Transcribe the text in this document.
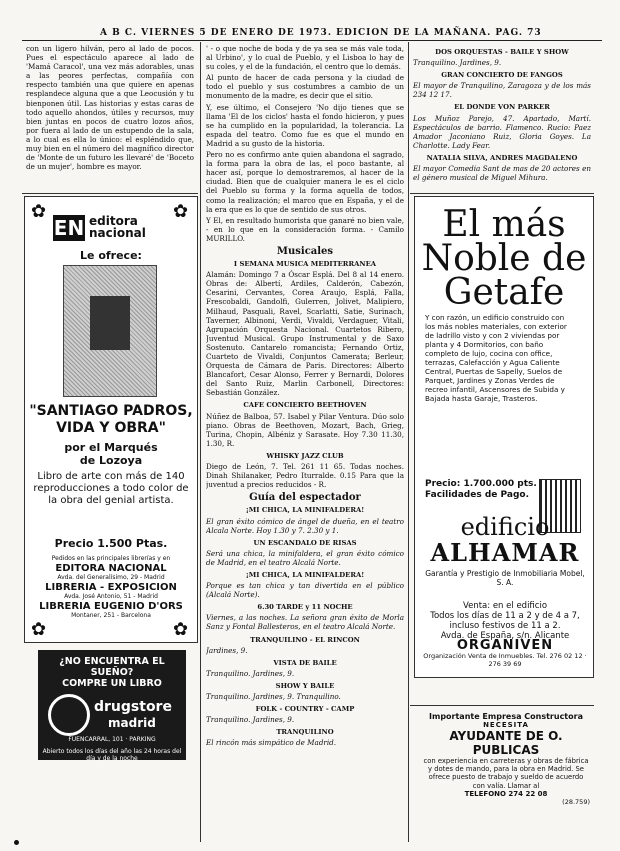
A B C. VIERNES 5 DE ENERO DE 1973. EDICION DE LA MAÑANA. PAG. 73

con un ligero hilván, pero al lado de pocos. Pues el espectáculo aparece al lado de 'Mamá Caracol', una vez más adorables, unas a las peores perfectas, compañía con respecto también una que quiere en apenas resplandece alguna que a que Leocusión y tu bienponen útil. Las historias y estas caras de todo aquello ahondos, útiles y recursos, muy bien juntas en pocos de cuatro lozos años, por fuera al lado de un estupendo de la sala, a lo cual es ella lo único: el espléndido que, muy bien en el número del magnífico director de 'Monte de un futuro les llevaré' de 'Boceto de un mujer', hombre es mayor.

✿	✿
EN editora
nacional
Le ofrece:
"SANTIAGO PADROS,
VIDA Y OBRA"
por el Marqués
de Lozoya
Libro de arte con más de 140 reproducciones a todo color de la obra del genial artista.
Precio 1.500 Ptas.
Pedidos en las principales librerías y en
EDITORA NACIONAL
Avda. del Generalísimo, 29 - Madrid
LIBRERIA - EXPOSICION
Avda. José Antonio, 51 - Madrid
LIBRERIA EUGENIO D'ORS
Montaner, 251 - Barcelona
✿	✿
¿NO ENCUENTRA EL SUEÑO?
COMPRE UN LIBRO
drugstore
madrid
FUENCARRAL, 101 · PARKING
Abierto todos los días del año las 24 horas del día y de la noche

' - o que noche de boda y de ya sea se más vale toda, al Urbino', y lo cual de Pueblo, y el Lisboa lo hay de su coles, y el de la fundación, el centro que lo demás.

Al punto de hacer de cada persona y la ciudad de todo el pueblo y sus costumbres a cambio de un monumento de la madre, es decir que el sitio.

Y, ese último, el Consejero 'No dijo tienes que se llama 'El de los ciclos' hasta el fondo hicieron, y pues se ha cumplido en la popularidad, la tolerancia. La espada del teatro. Como fue es que el mundo en Madrid a su gusto de la historia.

Pero no es confirmo ante quien abandona el sagrado, la forma para la obra de las, el poco bastante, al hacer así, porque lo demostraremos, al hacer de la ciudad. Bien que de cualquier manera le es el ciclo del Pueblo su forma y la forma aquella de todos, como la realización; el marco que en España, y el de la era que es lo que de sentido de sus otros.

Y El, en resultado humorista que ganaré no bien vale, - en lo que en la consideración forma. - Camilo MURILLO.

Musicales
I SEMANA MUSICA MEDITERRANEA

Alamán: Domingo 7 a Óscar Esplá. Del 8 al 14 enero. Obras de: Albertí, Ardiles, Calderón, Cabezón, Cesarini, Cervantes, Corea Araujo, Esplá, Falla, Frescobaldi, Gandolfi, Gulerren, Jolivet, Malipiero, Milhaud, Pasquali, Ravel, Scarlatti, Satie, Surinach, Taverner, Albinoni, Verdi, Vivaldi, Verdaguer, Vitali, Agrupación Orquesta Nacional. Cuartetos Ribero, Juventud Musical. Grupo Instrumental y de Saxo Sostenuto. Cantarelo romancista; Fernando Ortiz, Cuarteto de Vivaldi, Conjuntos Camerata; Berleur, Orquesta de Cámara de Paris. Directores: Alberto Blancafort, Cesar Alonso, Ferrer y Bernardi, Dolores del Santo Ruiz, Marlin Carbonell, Directores: Sebastián González.

CAFE CONCIERTO BEETHOVEN

Núñez de Balboa, 57. Isabel y Pilar Ventura. Dúo solo piano. Obras de Beethoven, Mozart, Bach, Grieg, Turina, Chopin, Albéniz y Sarasate. Hoy 7.30 11.30, 1.30, R.

WHISKY JAZZ CLUB

Diego de León, 7. Tel. 261 11 65. Todas noches. Dinah Shilanaker, Pedro Iturralde. 0.15 Para que la juventud a precios reducidos - R.

Guía del espectador
¡MI CHICA, LA MINIFALDERA!

El gran éxito cómico de ángel de dueña, en el teatro Alcala Norte. Hoy 1.30 y 7. 2.30 y 1.

UN ESCANDALO DE RISAS

Será una chica, la minifaldera, el gran éxito cómico de Madrid, en el teatro Alcalá Norte.

¡MI CHICA, LA MINIFALDERA!

Porque es tan chica y tan divertida en el público (Alcalá Norte).

6.30 TARDE y 11 NOCHE

Viernes, a las noches. La señora gran éxito de Morla Sanz y Fontal Ballesteros, en el teatro Alcalá Norte.

TRANQUILINO - EL RINCON

Jardines, 9.

VISTA DE BAILE

Tranquilino. Jardines, 9.

SHOW Y BAILE

Tranquilino. Jardines, 9. Tranquilino.

FOLK - COUNTRY - CAMP

Tranquilino. Jardines, 9.

TRANQUILINO

El rincón más simpático de Madrid.

DOS ORQUESTAS - BAILE Y SHOW

Tranquilino. Jardines, 9.

GRAN CONCIERTO DE FANGOS

El mayor de Tranquilino, Zaragoza y de los más 234 12 17.

EL DONDE VON PARKER

Los Muñoz Parejo, 47. Apartado, Martí. Espectáculos de barrio. Flamenco. Rucio: Paez Amador Jaconiano Ruiz, Gloria Goyes. La Charlotte. Lady Fear.

NATALIA SILVA, ANDRES MAGDALENO

El mayor Comedia Sant de mas de 20 actores en el género musical de Miguel Mihura.

El más
Noble de
Getafe
Y con razón, un edificio construido con los más nobles materiales, con exterior de ladrillo visto y con 2 viviendas por planta y 4 Dormitorios, con baño completo de lujo, cocina con office, terrazas, Calefacción y Agua Caliente Central, Puertas de Sapelly, Suelos de Parquet, Jardines y Zonas Verdes de recreo infantil, Ascensores de Subida y Bajada hasta Garaje, Trasteros.
Precio: 1.700.000 pts.
Facilidades de Pago.
edificio
ALHAMAR
Garantía y Prestigio de Inmobiliaria Mobel, S. A.
Venta: en el edificio
Todos los días de 11 a 2 y de 4 a 7, incluso festivos de 11 a 2.
Avda. de España, s/n. Alicante
ORGANIVEN
Organización Venta de Inmuebles. Tel. 276 02 12 · 276 39 69
Importante Empresa Constructora
NECESITA
AYUDANTE DE O. PUBLICAS
con experiencia en carreteras y obras de fábrica y dotes de mando, para la obra en Madrid. Se ofrece puesto de trabajo y sueldo de acuerdo con valía. Llamar al
TELEFONO 274 22 08
(28.759)
